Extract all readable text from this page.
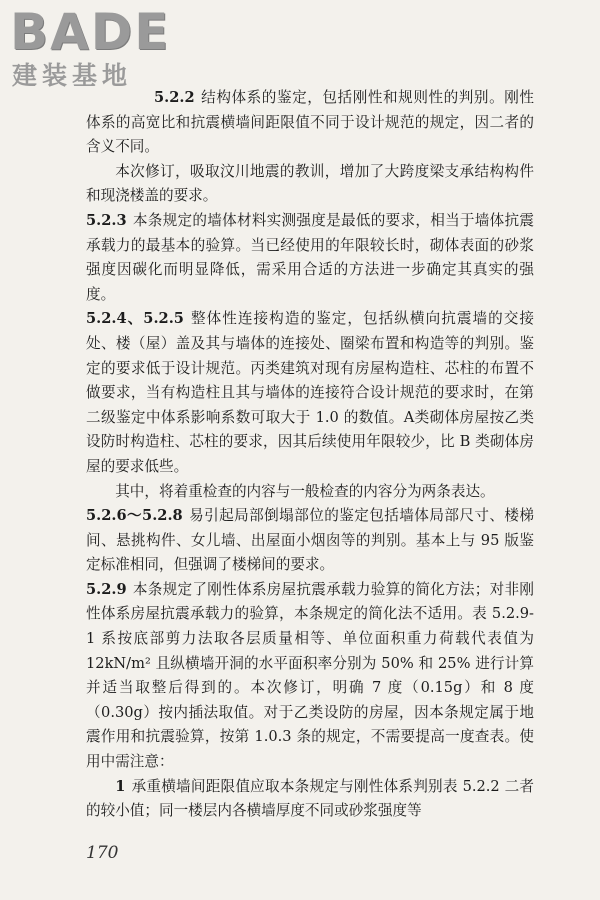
BADE
建装基地

5.2.2 结构体系的鉴定，包括刚性和规则性的判别。刚性体系的高宽比和抗震横墙间距限值不同于设计规范的规定，因二者的含义不同。

本次修订，吸取汶川地震的教训，增加了大跨度梁支承结构构件和现浇楼盖的要求。

5.2.3 本条规定的墙体材料实测强度是最低的要求，相当于墙体抗震承载力的最基本的验算。当已经使用的年限较长时，砌体表面的砂浆强度因碳化而明显降低，需采用合适的方法进一步确定其真实的强度。

5.2.4、5.2.5 整体性连接构造的鉴定，包括纵横向抗震墙的交接处、楼（屋）盖及其与墙体的连接处、圈梁布置和构造等的判别。鉴定的要求低于设计规范。丙类建筑对现有房屋构造柱、芯柱的布置不做要求，当有构造柱且其与墙体的连接符合设计规范的要求时，在第二级鉴定中体系影响系数可取大于 1.0 的数值。A类砌体房屋按乙类设防时构造柱、芯柱的要求，因其后续使用年限较少，比 B 类砌体房屋的要求低些。

其中，将着重检查的内容与一般检查的内容分为两条表达。

5.2.6～5.2.8 易引起局部倒塌部位的鉴定包括墙体局部尺寸、楼梯间、悬挑构件、女儿墙、出屋面小烟囱等的判别。基本上与 95 版鉴定标准相同，但强调了楼梯间的要求。

5.2.9 本条规定了刚性体系房屋抗震承载力验算的简化方法；对非刚性体系房屋抗震承载力的验算，本条规定的简化法不适用。表 5.2.9-1 系按底部剪力法取各层质量相等、单位面积重力荷载代表值为 12kN/m² 且纵横墙开洞的水平面积率分别为 50% 和 25% 进行计算并适当取整后得到的。本次修订，明确 7 度（0.15g）和 8 度（0.30g）按内插法取值。对于乙类设防的房屋，因本条规定属于地震作用和抗震验算，按第 1.0.3 条的规定，不需要提高一度查表。使用中需注意：

1 承重横墙间距限值应取本条规定与刚性体系判别表 5.2.2 二者的较小值；同一楼层内各横墙厚度不同或砂浆强度等

170
